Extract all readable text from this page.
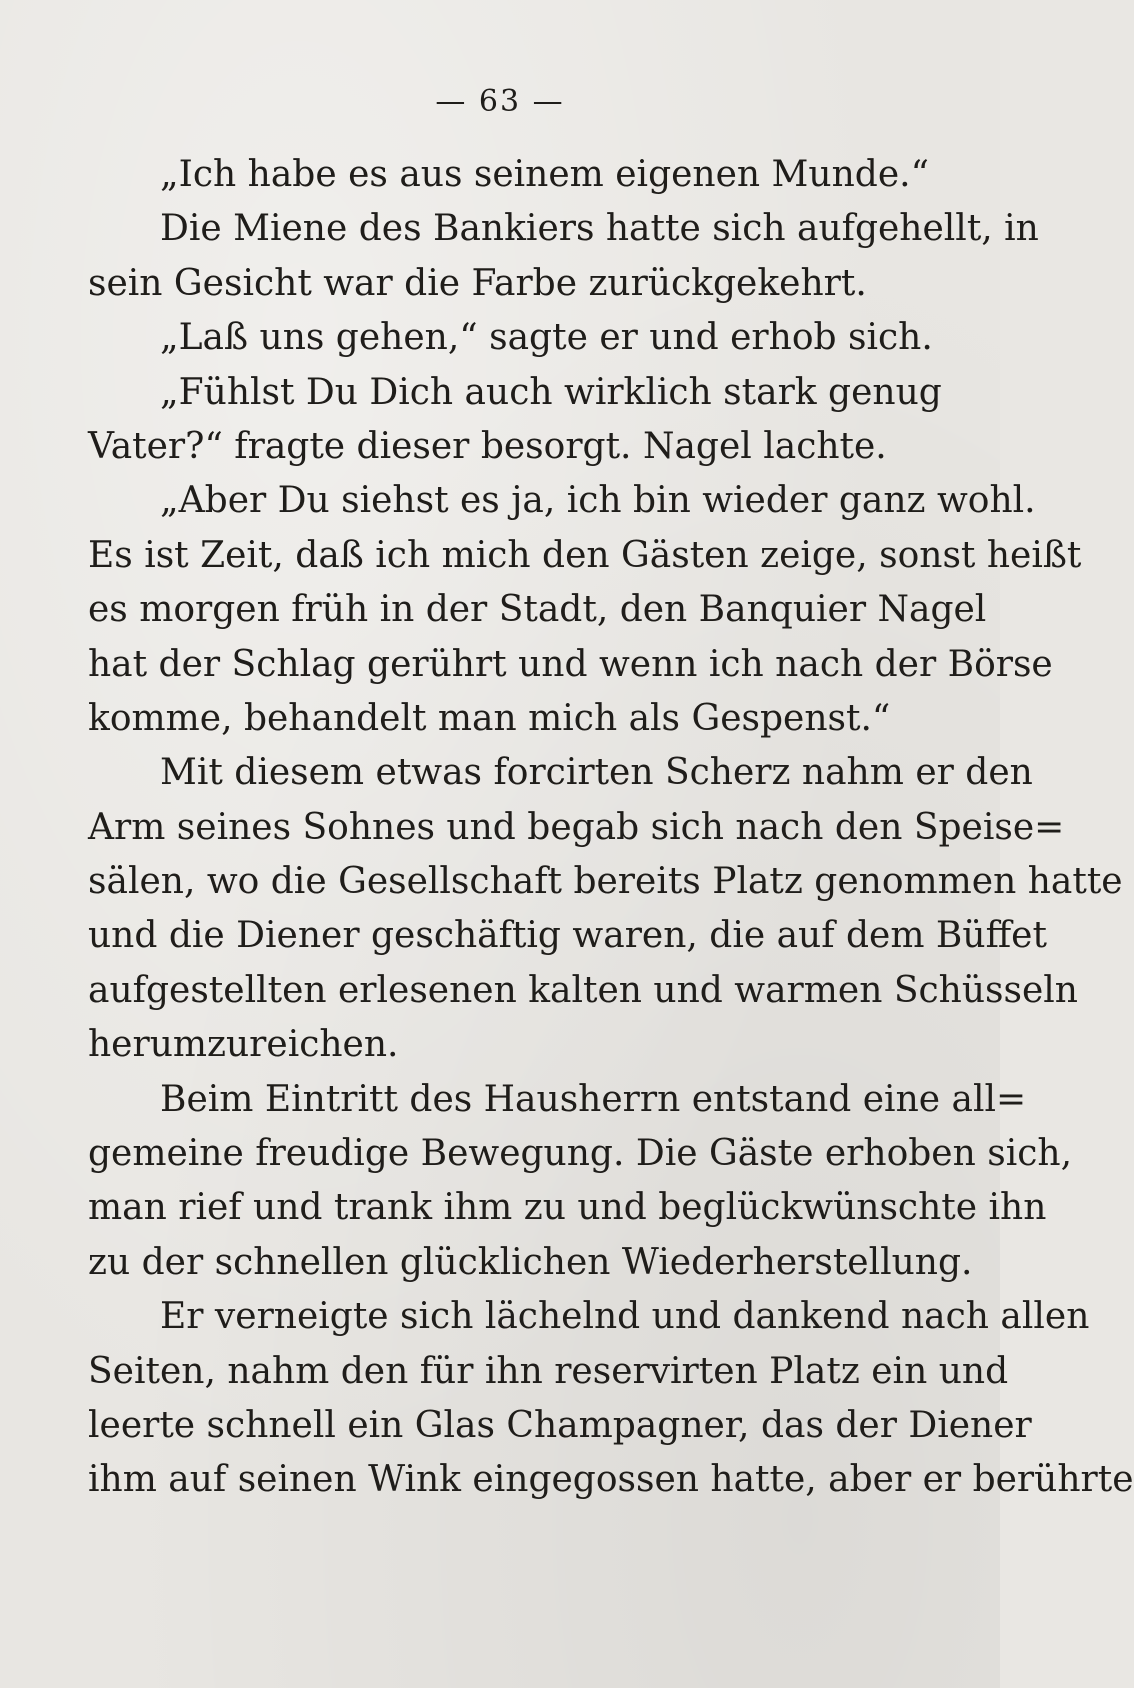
— 63 —
„Ich habe es aus seinem eigenen Munde.“
Die Miene des Bankiers hatte sich aufgehellt, in
sein Gesicht war die Farbe zurückgekehrt.
„Laß uns gehen,“ sagte er und erhob sich.
„Fühlst Du Dich auch wirklich stark genug
Vater?“ fragte dieser besorgt. Nagel lachte.
„Aber Du siehst es ja, ich bin wieder ganz wohl.
Es ist Zeit, daß ich mich den Gästen zeige, sonst heißt
es morgen früh in der Stadt, den Banquier Nagel
hat der Schlag gerührt und wenn ich nach der Börse
komme, behandelt man mich als Gespenst.“
Mit diesem etwas forcirten Scherz nahm er den
Arm seines Sohnes und begab sich nach den Speise=
sälen, wo die Gesellschaft bereits Platz genommen hatte
und die Diener geschäftig waren, die auf dem Büffet
aufgestellten erlesenen kalten und warmen Schüsseln
herumzureichen.
Beim Eintritt des Hausherrn entstand eine all=
gemeine freudige Bewegung. Die Gäste erhoben sich,
man rief und trank ihm zu und beglückwünschte ihn
zu der schnellen glücklichen Wiederherstellung.
Er verneigte sich lächelnd und dankend nach allen
Seiten, nahm den für ihn reservirten Platz ein und
leerte schnell ein Glas Champagner, das der Diener
ihm auf seinen Wink eingegossen hatte, aber er berührte
